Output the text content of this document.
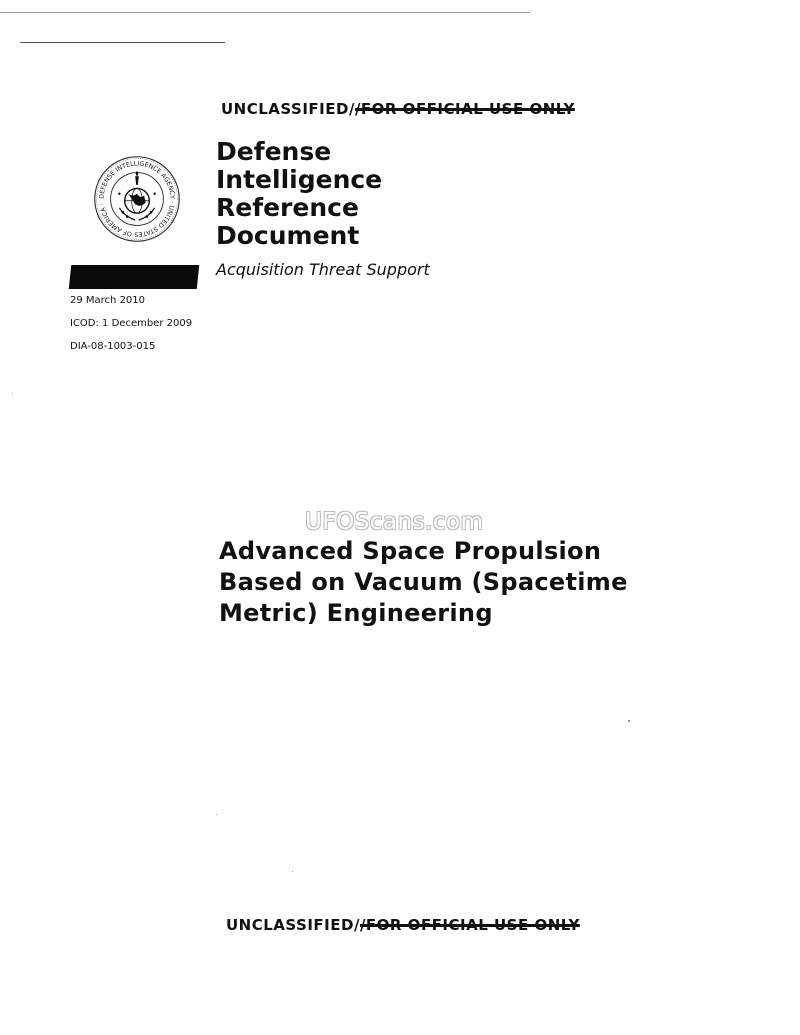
UNCLASSIFIED//FOR OFFICIAL USE ONLY
DEFENSE INTELLIGENCE AGENCY · UNITED STATES OF AMERICA ·
Defense
Intelligence
Reference
Document
Acquisition Threat Support
29 March 2010
ICOD: 1 December 2009
DIA-08-1003-015
UFOScans.com
Advanced Space Propulsion
Based on Vacuum (Spacetime
Metric) Engineering
UNCLASSIFIED//FOR OFFICIAL USE ONLY
